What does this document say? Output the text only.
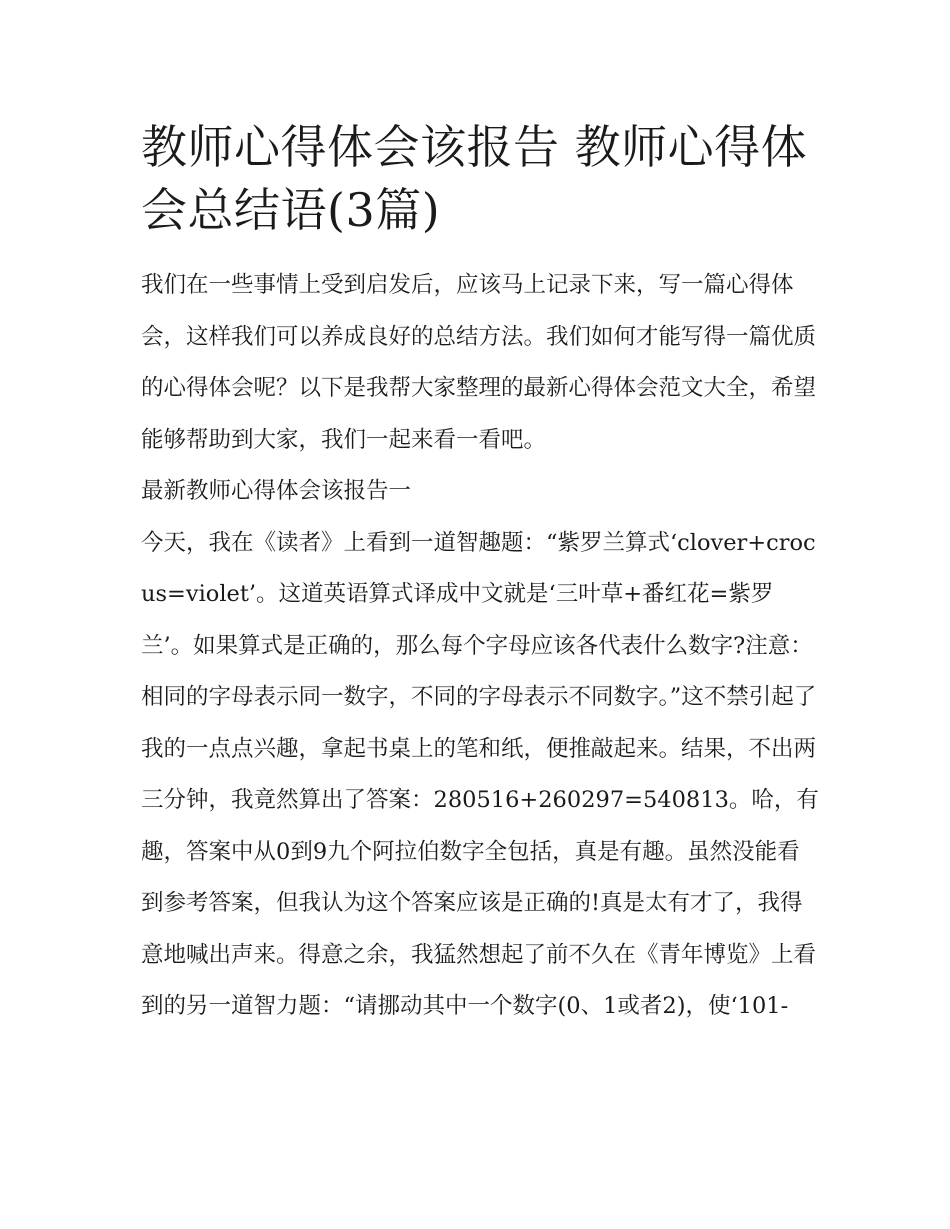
教师心得体会该报告 教师心得体会总结语(3篇)

我们在一些事情上受到启发后，应该马上记录下来，写一篇心得体会，这样我们可以养成良好的总结方法。我们如何才能写得一篇优质的心得体会呢？以下是我帮大家整理的最新心得体会范文大全，希望能够帮助到大家，我们一起来看一看吧。

最新教师心得体会该报告一

今天，我在《读者》上看到一道智趣题：“紫罗兰算式‘clover+crocus=violet’。这道英语算式译成中文就是‘三叶草+番红花=紫罗兰’。如果算式是正确的，那么每个字母应该各代表什么数字?注意：相同的字母表示同一数字，不同的字母表示不同数字。”这不禁引起了我的一点点兴趣，拿起书桌上的笔和纸，便推敲起来。结果，不出两三分钟，我竟然算出了答案：280516+260297=540813。哈，有趣，答案中从0到9九个阿拉伯数字全包括，真是有趣。虽然没能看到参考答案，但我认为这个答案应该是正确的!真是太有才了，我得意地喊出声来。得意之余，我猛然想起了前不久在《青年博览》上看到的另一道智力题：“请挪动其中一个数字(0、1或者2)，使‘101-
